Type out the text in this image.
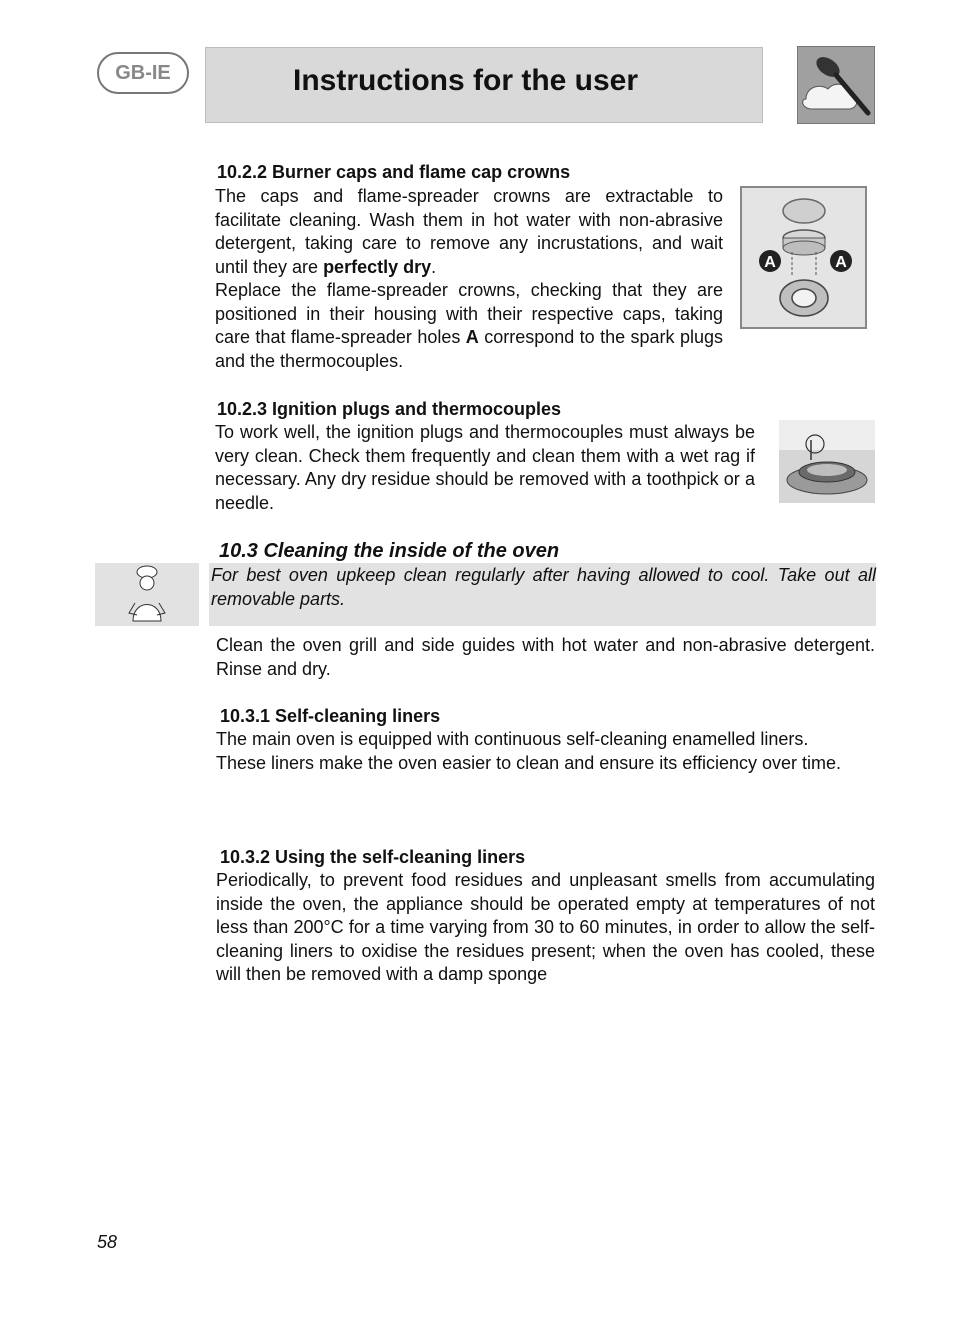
GB-IE	Instructions for the user
10.2.2 Burner caps and flame cap crowns

The caps and flame-spreader crowns are extractable to facilitate cleaning. Wash them in hot water with non-abrasive detergent, taking care to remove any incrustations, and wait until they are perfectly dry.

Replace the flame-spreader crowns, checking that they are positioned in their housing with their respective caps, taking care that flame-spreader holes A correspond to the spark plugs and the thermocouples.

A	A
10.2.3 Ignition plugs and thermocouples

To work well, the ignition plugs and thermocouples must always be very clean. Check them frequently and clean them with a wet rag if necessary. Any dry residue should be removed with a toothpick or a needle.

10.3 Cleaning the inside of the oven

For best oven upkeep clean regularly after having allowed to cool. Take out all removable parts.

Clean the oven grill and side guides with hot water and non-abrasive detergent. Rinse and dry.

10.3.1 Self-cleaning liners

The main oven is equipped with continuous self-cleaning enamelled liners.

These liners make the oven easier to clean and ensure its efficiency over time.

10.3.2 Using the self-cleaning liners

Periodically, to prevent food residues and unpleasant smells from accumulating inside the oven, the appliance should be operated empty at temperatures of not less than 200°C for a time varying from 30 to 60 minutes, in order to allow the self-cleaning liners to oxidise the residues present; when the oven has cooled, these will then be removed with a damp sponge

58
